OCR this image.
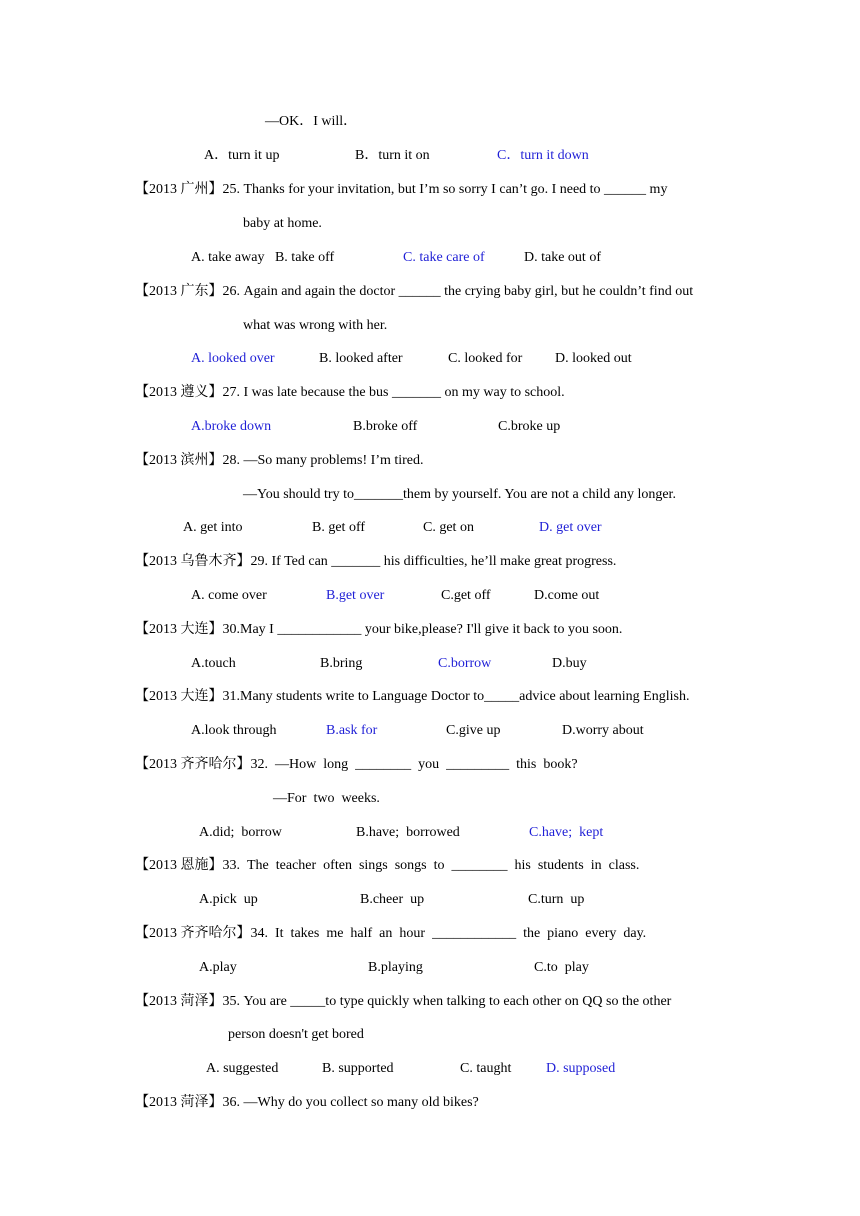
—OK．I will．
A．turn it up	B．turn it on	C．turn it down
【2013 广州】25. Thanks for your invitation, but I’m so sorry I can’t go. I need to ______ my
baby at home.
A. take away   B. take off	C. take care of	D. take out of
【2013 广东】26. Again and again the doctor ______ the crying baby girl, but he couldn’t find out
what was wrong with her.
A. looked over	B. looked after	C. looked for D. looked out
【2013 遵义】27. I was late because the bus _______ on my way to school.
A.broke down	B.broke off	C.broke up
【2013 滨州】28. —So many problems! I’m tired.
—You should try to_______them by yourself. You are not a child any longer.
A. get into	B. get off	C. get on	D. get over
【2013 乌鲁木齐】29. If Ted can _______ his difficulties, he’ll make great progress.
A. come over	B.get over	C.get off	D.come out
【2013 大连】30.May I ____________ your bike,please? I'll give it back to you soon.
A.touch	B.bring	C.borrow	D.buy
【2013 大连】31.Many students write to Language Doctor to_____advice about learning English.
A.look through	B.ask for	C.give up	D.worry about
【2013 齐齐哈尔】32.  —How  long  ________  you  _________  this  book?
—For  two  weeks.
A.did;  borrow	B.have;  borrowed	C.have;  kept
【2013 恩施】33.  The  teacher  often  sings  songs  to  ________  his  students  in  class.
A.pick  up	B.cheer  up	C.turn  up
【2013 齐齐哈尔】34.  It  takes  me  half  an  hour  ____________  the  piano  every  day.
A.play	B.playing	C.to  play
【2013 菏泽】35. You are _____to type quickly when talking to each other on QQ so the other
person doesn't get bored
A. suggested	B. supported	C. taught D. supposed
【2013 菏泽】36. —Why do you collect so many old bikes?
